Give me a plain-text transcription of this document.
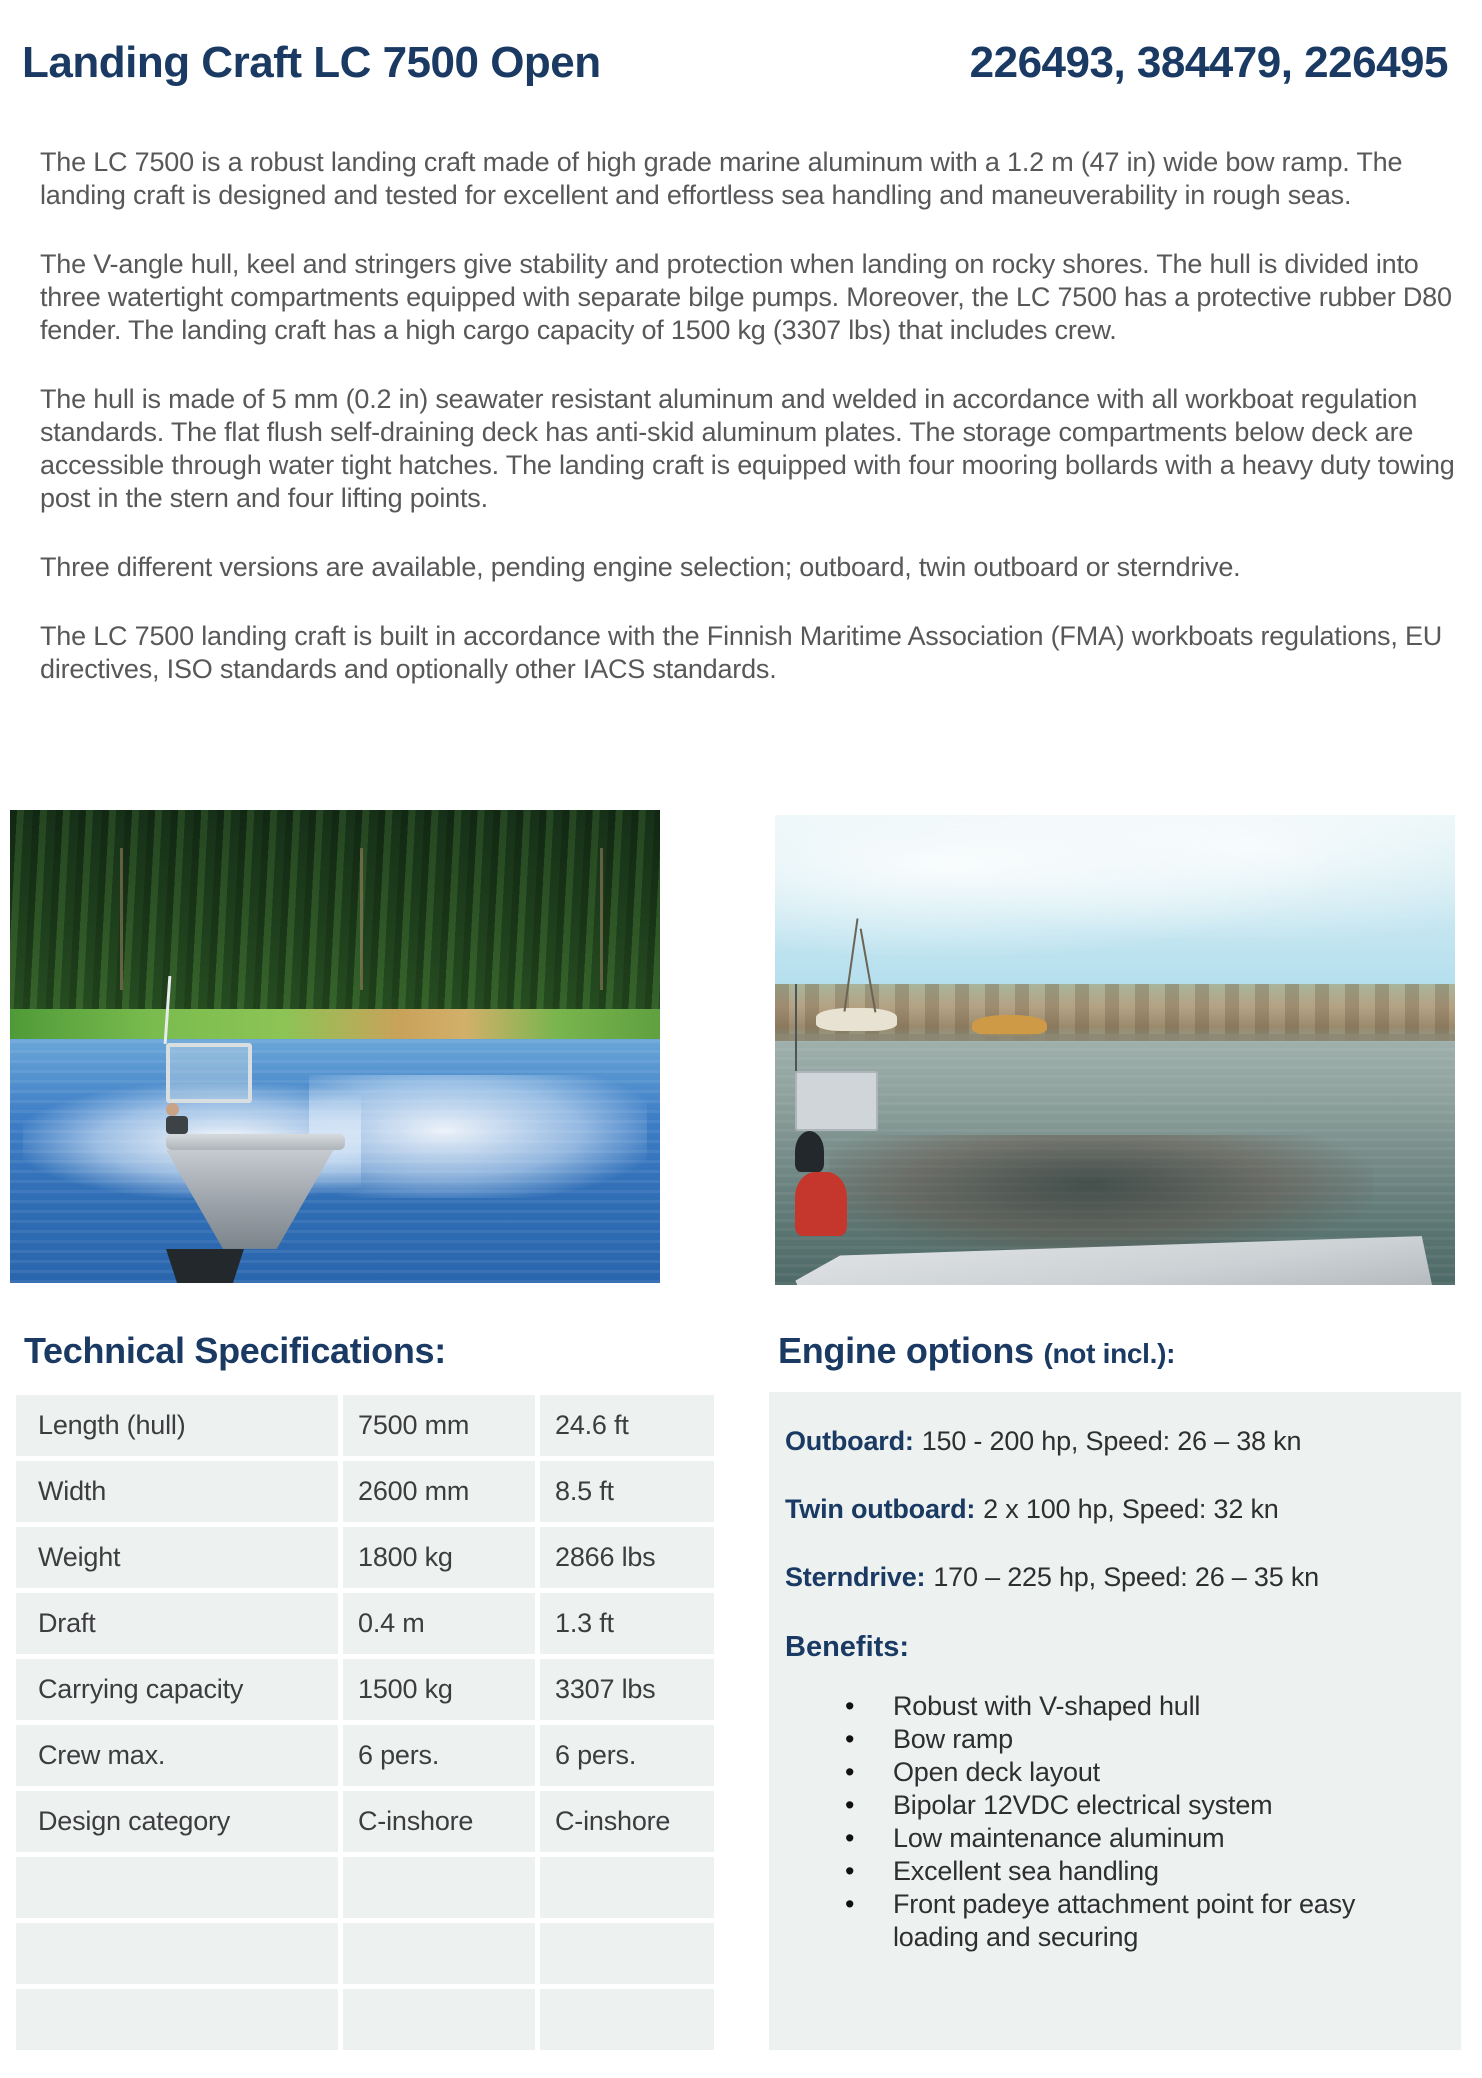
Landing Craft LC 7500 Open	226493, 384479, 226495

The LC 7500 is a robust landing craft made of high grade marine aluminum with a 1.2 m (47 in) wide bow ramp. The landing craft is designed and tested for excellent and effortless sea handling and maneuverability in rough seas.

The V-angle hull, keel and stringers give stability and protection when landing on rocky shores. The hull is divided into three watertight compartments equipped with separate bilge pumps. Moreover, the LC 7500 has a protective rubber D80 fender. The landing craft has a high cargo capacity of 1500 kg (3307 lbs) that includes crew.

The hull is made of 5 mm (0.2 in) seawater resistant aluminum and welded in accordance with all workboat regulation standards. The flat flush self-draining deck has anti-skid aluminum plates. The storage compartments below deck are accessible through water tight hatches. The landing craft is equipped with four mooring bollards with a heavy duty towing post in the stern and four lifting points.

Three different versions are available, pending engine selection; outboard, twin outboard or sterndrive.

The LC 7500 landing craft is built in accordance with the Finnish Maritime Association (FMA) workboats regulations, EU directives, ISO standards and optionally other IACS standards.

Technical Specifications:	Engine options (not incl.):
Length (hull)	7500 mm	24.6 ft
Width	2600 mm	8.5 ft
Weight	1800 kg	2866 lbs
Draft	0.4 m	1.3 ft
Carrying capacity	1500 kg	3307 lbs
Crew max.	6 pers.	6 pers.
Design category	C-inshore	C-inshore

Outboard: 150 - 200 hp, Speed: 26 – 38 kn

Twin outboard: 2 x 100 hp, Speed: 32 kn

Sterndrive: 170 – 225 hp, Speed: 26 – 35 kn

Benefits:
• Robust with V-shaped hull
• Bow ramp
• Open deck layout
• Bipolar 12VDC electrical system
• Low maintenance aluminum
• Excellent sea handling
• Front padeye attachment point for easy loading and securing
